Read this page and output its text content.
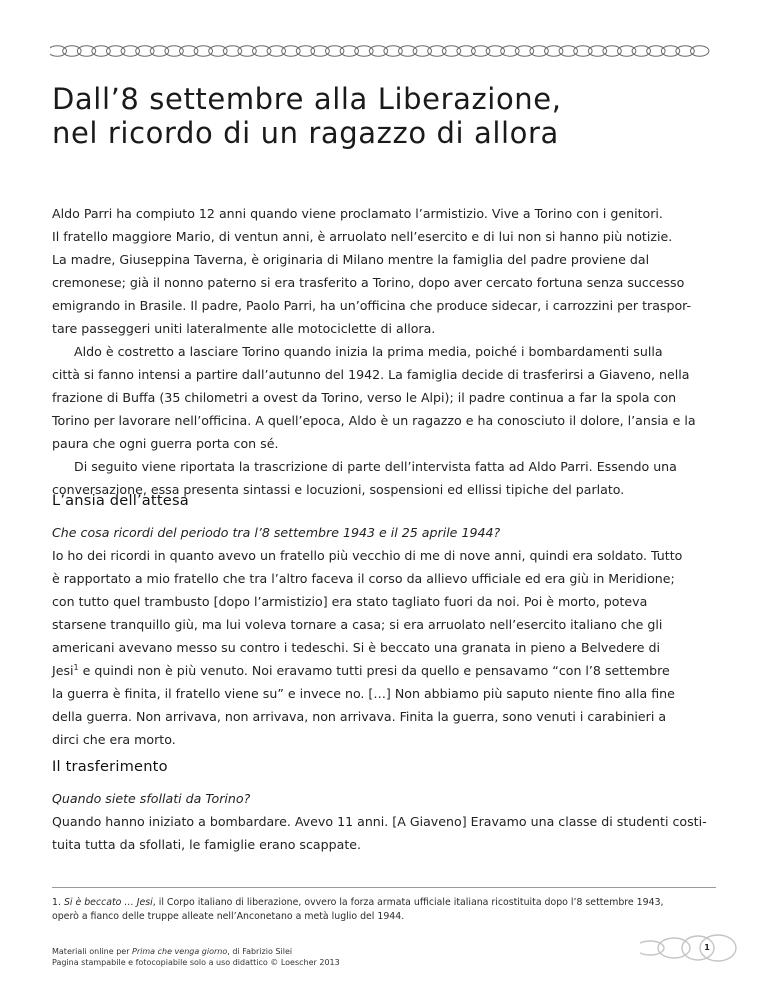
Dall’8 settembre alla Liberazione,
nel ricordo di un ragazzo di allora

Aldo Parri ha compiuto 12 anni quando viene proclamato l’armistizio. Vive a Torino con i genitori.

Il fratello maggiore Mario, di ventun anni, è arruolato nell’esercito e di lui non si hanno più notizie.

La madre, Giuseppina Taverna, è originaria di Milano mentre la famiglia del padre proviene dal

cremonese; già il nonno paterno si era trasferito a Torino, dopo aver cercato fortuna senza successo

emigrando in Brasile. Il padre, Paolo Parri, ha un’officina che produce sidecar, i carrozzini per traspor-

tare passeggeri uniti lateralmente alle motociclette di allora.

Aldo è costretto a lasciare Torino quando inizia la prima media, poiché i bombardamenti sulla

città si fanno intensi a partire dall’autunno del 1942. La famiglia decide di trasferirsi a Giaveno, nella

frazione di Buffa (35 chilometri a ovest da Torino, verso le Alpi); il padre continua a far la spola con

Torino per lavorare nell’officina. A quell’epoca, Aldo è un ragazzo e ha conosciuto il dolore, l’ansia e la

paura che ogni guerra porta con sé.

Di seguito viene riportata la trascrizione di parte dell’intervista fatta ad Aldo Parri. Essendo una

conversazione, essa presenta sintassi e locuzioni, sospensioni ed ellissi tipiche del parlato.

L’ansia dell’attesa

Che cosa ricordi del periodo tra l’8 settembre 1943 e il 25 aprile 1944?

Io ho dei ricordi in quanto avevo un fratello più vecchio di me di nove anni, quindi era soldato. Tutto

è rapportato a mio fratello che tra l’altro faceva il corso da allievo ufficiale ed era giù in Meridione;

con tutto quel trambusto [dopo l’armistizio] era stato tagliato fuori da noi. Poi è morto, poteva

starsene tranquillo giù, ma lui voleva tornare a casa; si era arruolato nell’esercito italiano che gli

americani avevano messo su contro i tedeschi. Si è beccato una granata in pieno a Belvedere di

Jesi$^1$ e quindi non è più venuto. Noi eravamo tutti presi da quello e pensavamo “con l’8 settembre

la guerra è finita, il fratello viene su” e invece no. […] Non abbiamo più saputo niente fino alla fine

della guerra. Non arrivava, non arrivava, non arrivava. Finita la guerra, sono venuti i carabinieri a

dirci che era morto.

Il trasferimento

Quando siete sfollati da Torino?

Quando hanno iniziato a bombardare. Avevo 11 anni. [A Giaveno] Eravamo una classe di studenti costi-

tuita tutta da sfollati, le famiglie erano scappate.

1. Si è beccato … Jesi, il Corpo italiano di liberazione, ovvero la forza armata ufficiale italiana ricostituita dopo l’8 settembre 1943,
operò a fianco delle truppe alleate nell’Anconetano a metà luglio del 1944.
Materiali online per Prima che venga giorno, di Fabrizio Silei
Pagina stampabile e fotocopiabile solo a uso didattico © Loescher 2013
1
